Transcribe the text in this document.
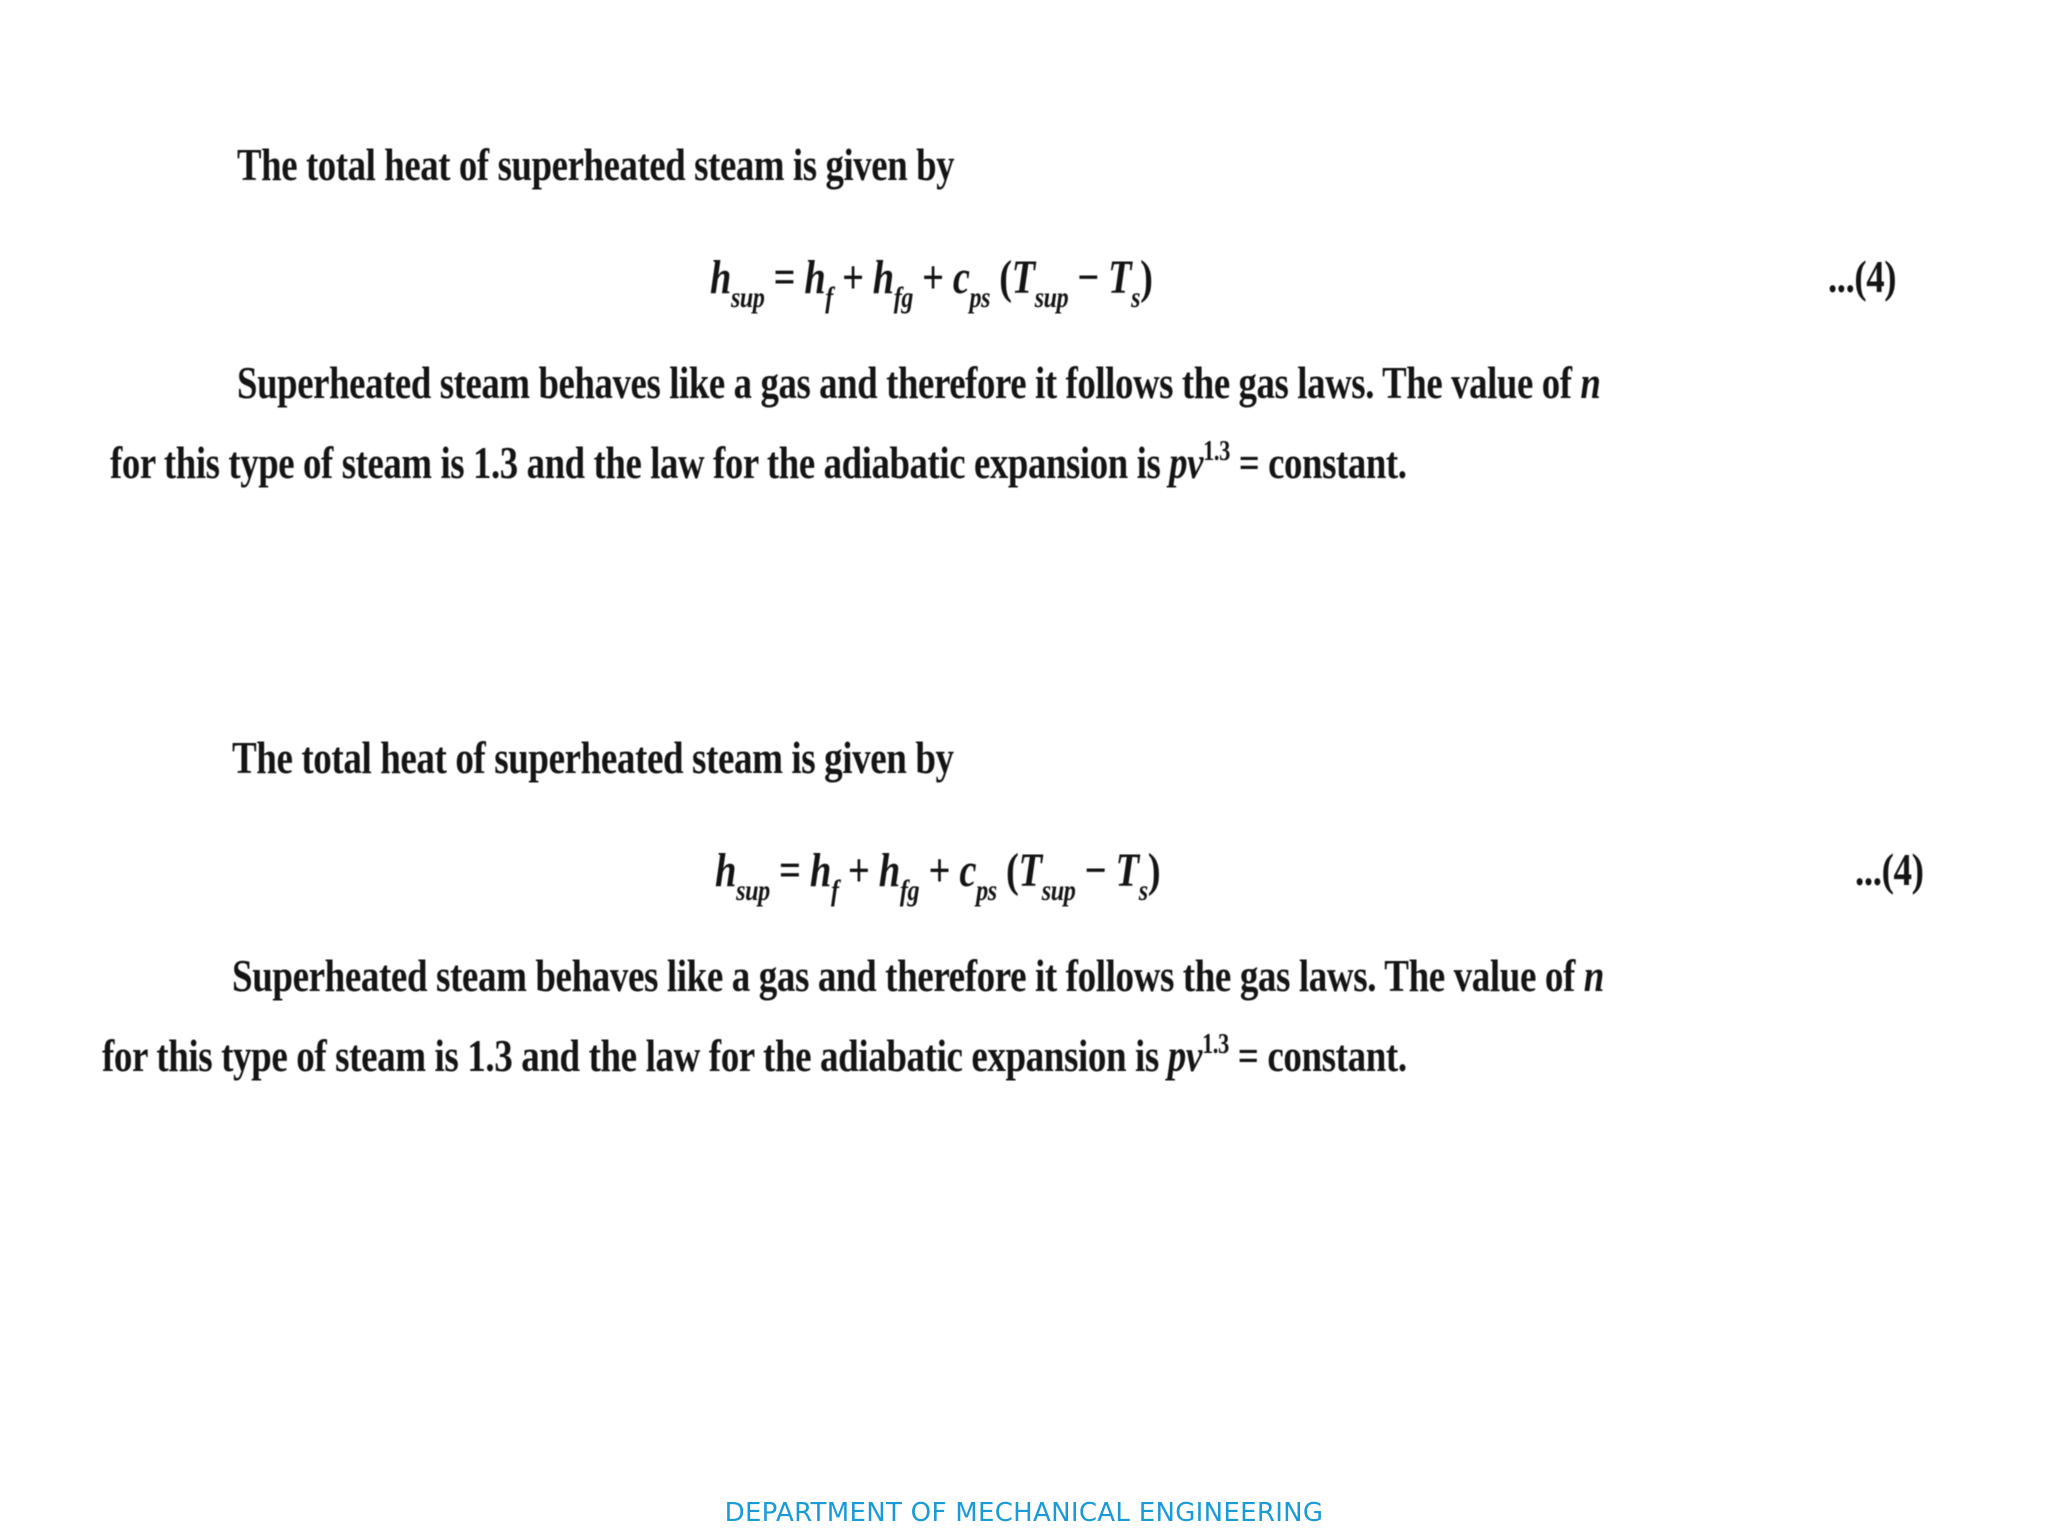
The total heat of superheated steam is given by
$h_{sup} = h_f + h_{fg} + c_{ps}$ $(T_{sup} - T_s)$	...(4)
Superheated steam behaves like a gas and therefore it follows the gas laws. The value of n
for this type of steam is 1.3 and the law for the adiabatic expansion is $pv^{1.3}$ = constant.
The total heat of superheated steam is given by
$h_{sup} = h_f + h_{fg} + c_{ps}$ $(T_{sup} - T_s)$	...(4)
Superheated steam behaves like a gas and therefore it follows the gas laws. The value of n
for this type of steam is 1.3 and the law for the adiabatic expansion is $pv^{1.3}$ = constant.
DEPARTMENT OF MECHANICAL ENGINEERING
